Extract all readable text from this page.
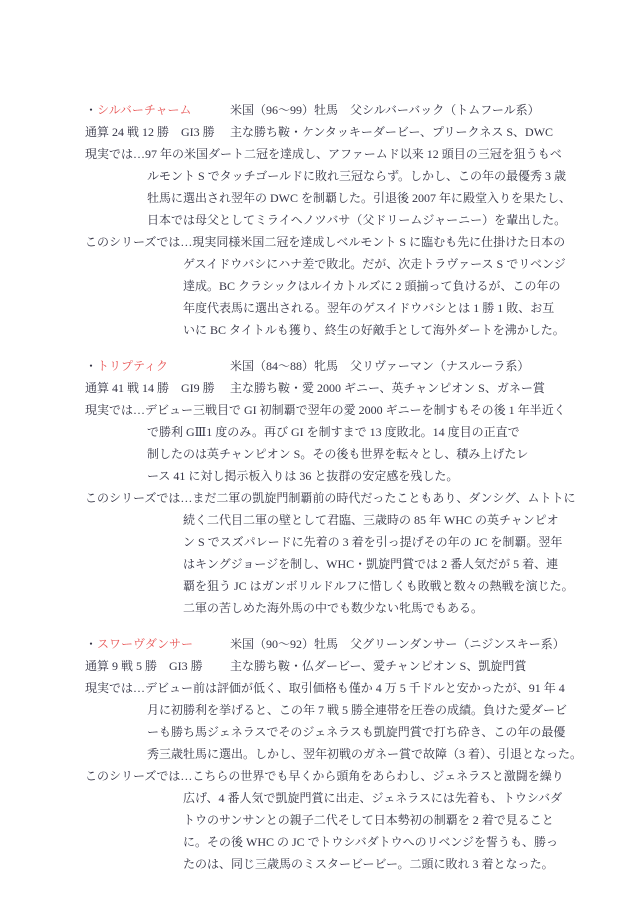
・シルバーチャーム	米国（96～99）牡馬　父シルバーバック（トムフール系）
通算 24 戦 12 勝 GI3 勝 主な勝ち鞍・ケンタッキーダービー、プリークネス S、DWC
現実では…97 年の米国ダート二冠を達成し、アファームド以来 12 頭目の三冠を狙うもベ
ルモント S でタッチゴールドに敗れ三冠ならず。しかし、この年の最優秀 3 歳
牡馬に選出され翌年の DWC を制覇した。引退後 2007 年に殿堂入りを果たし、
日本では母父としてミライヘノツバサ（父ドリームジャーニー）を輩出した。
このシリーズでは…現実同様米国二冠を達成しベルモント S に臨むも先に仕掛けた日本の
ゲスイドウバシにハナ差で敗北。だが、次走トラヴァース S でリベンジ
達成。BC クラシックはルイカトルズに 2 頭揃って負けるが、この年の
年度代表馬に選出される。翌年のゲスイドウバシとは 1 勝 1 敗、お互
いに BC タイトルも獲り、終生の好敵手として海外ダートを沸かした。
・トリプティク	米国（84～88）牝馬　父リヴァーマン（ナスルーラ系）
通算 41 戦 14 勝 GI9 勝 主な勝ち鞍・愛 2000 ギニー、英チャンピオン S、ガネー賞
現実では…デビュー三戦目で GI 初制覇で翌年の愛 2000 ギニーを制すもその後 1 年半近く
で勝利 GⅢ1 度のみ。再び GI を制すまで 13 度敗北。14 度目の正直で
制したのは英チャンピオン S。その後も世界を転々とし、積み上げたレ
ース 41 に対し掲示板入りは 36 と抜群の安定感を残した。
このシリーズでは…まだ二軍の凱旋門制覇前の時代だったこともあり、ダンシグ、ムトトに
続く二代目二軍の壁として君臨、三歳時の 85 年 WHC の英チャンピオ
ン S でスズパレードに先着の 3 着を引っ提げその年の JC を制覇。翌年
はキングジョージを制し、WHC・凱旋門賞では 2 番人気だが 5 着、連
覇を狙う JC はガンボリルドルフに惜しくも敗戦と数々の熱戦を演じた。
二軍の苦しめた海外馬の中でも数少ない牝馬でもある。
・スワーヴダンサー	米国（90～92）牡馬　父グリーンダンサー（ニジンスキー系）
通算 9 戦 5 勝 GI3 勝 主な勝ち鞍・仏ダービー、愛チャンピオン S、凱旋門賞
現実では…デビュー前は評価が低く、取引価格も僅か 4 万 5 千ドルと安かったが、91 年 4
月に初勝利を挙げると、この年 7 戦 5 勝全連帯を圧巻の成績。負けた愛ダービ
ーも勝ち馬ジェネラスでそのジェネラスも凱旋門賞で打ち砕き、この年の最優
秀三歳牡馬に選出。しかし、翌年初戦のガネー賞で故障（3 着）、引退となった。
このシリーズでは…こちらの世界でも早くから頭角をあらわし、ジェネラスと激闘を繰り
広げ、4 番人気で凱旋門賞に出走、ジェネラスには先着も、トウシバダ
トウのサンサンとの親子二代そして日本勢初の制覇を 2 着で見ること
に。その後 WHC の JC でトウシバダトウへのリベンジを誓うも、勝っ
たのは、同じ三歳馬のミスタービービー。二頭に敗れ 3 着となった。
